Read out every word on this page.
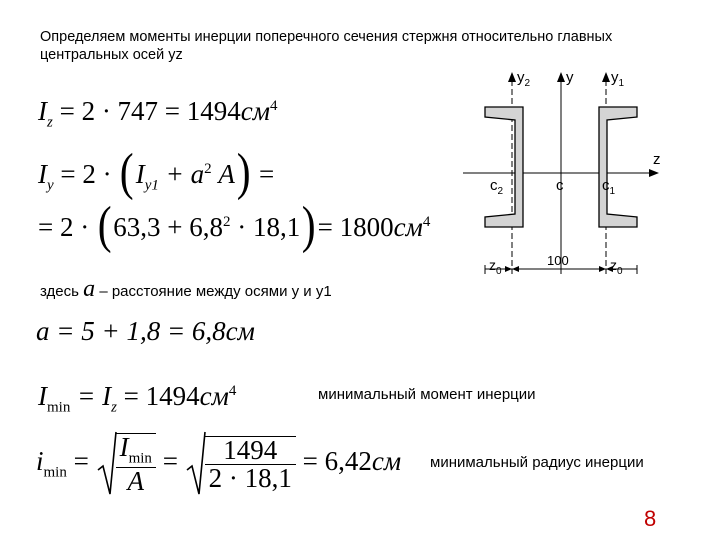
Определяем моменты инерции поперечного сечения стержня относительно главных центральных осей yz
$I_z = 2 \cdot 747 = 1494см^4$
$I_y = 2 \cdot (I_{y1} + a^2$ A) =
= $2 \cdot (63,3 + 6,8^2 \cdot 18,1)= 1800см^4$
здесь a – расстояние между осями y и y1
a = 5 + 1,8 = 6,8см
$I_{min} = I_z = 1494см^4$	минимальный момент инерции
$i_{min} = \frac{I_{min}}{A} = \frac{1494}{2 \cdot 18,1} = 6,42см$ минимальный радиус инерции
$y_2$ y	$y_1$
z
$c_2$	c	$c_1$
$z_0$
100	$z_0$
8
